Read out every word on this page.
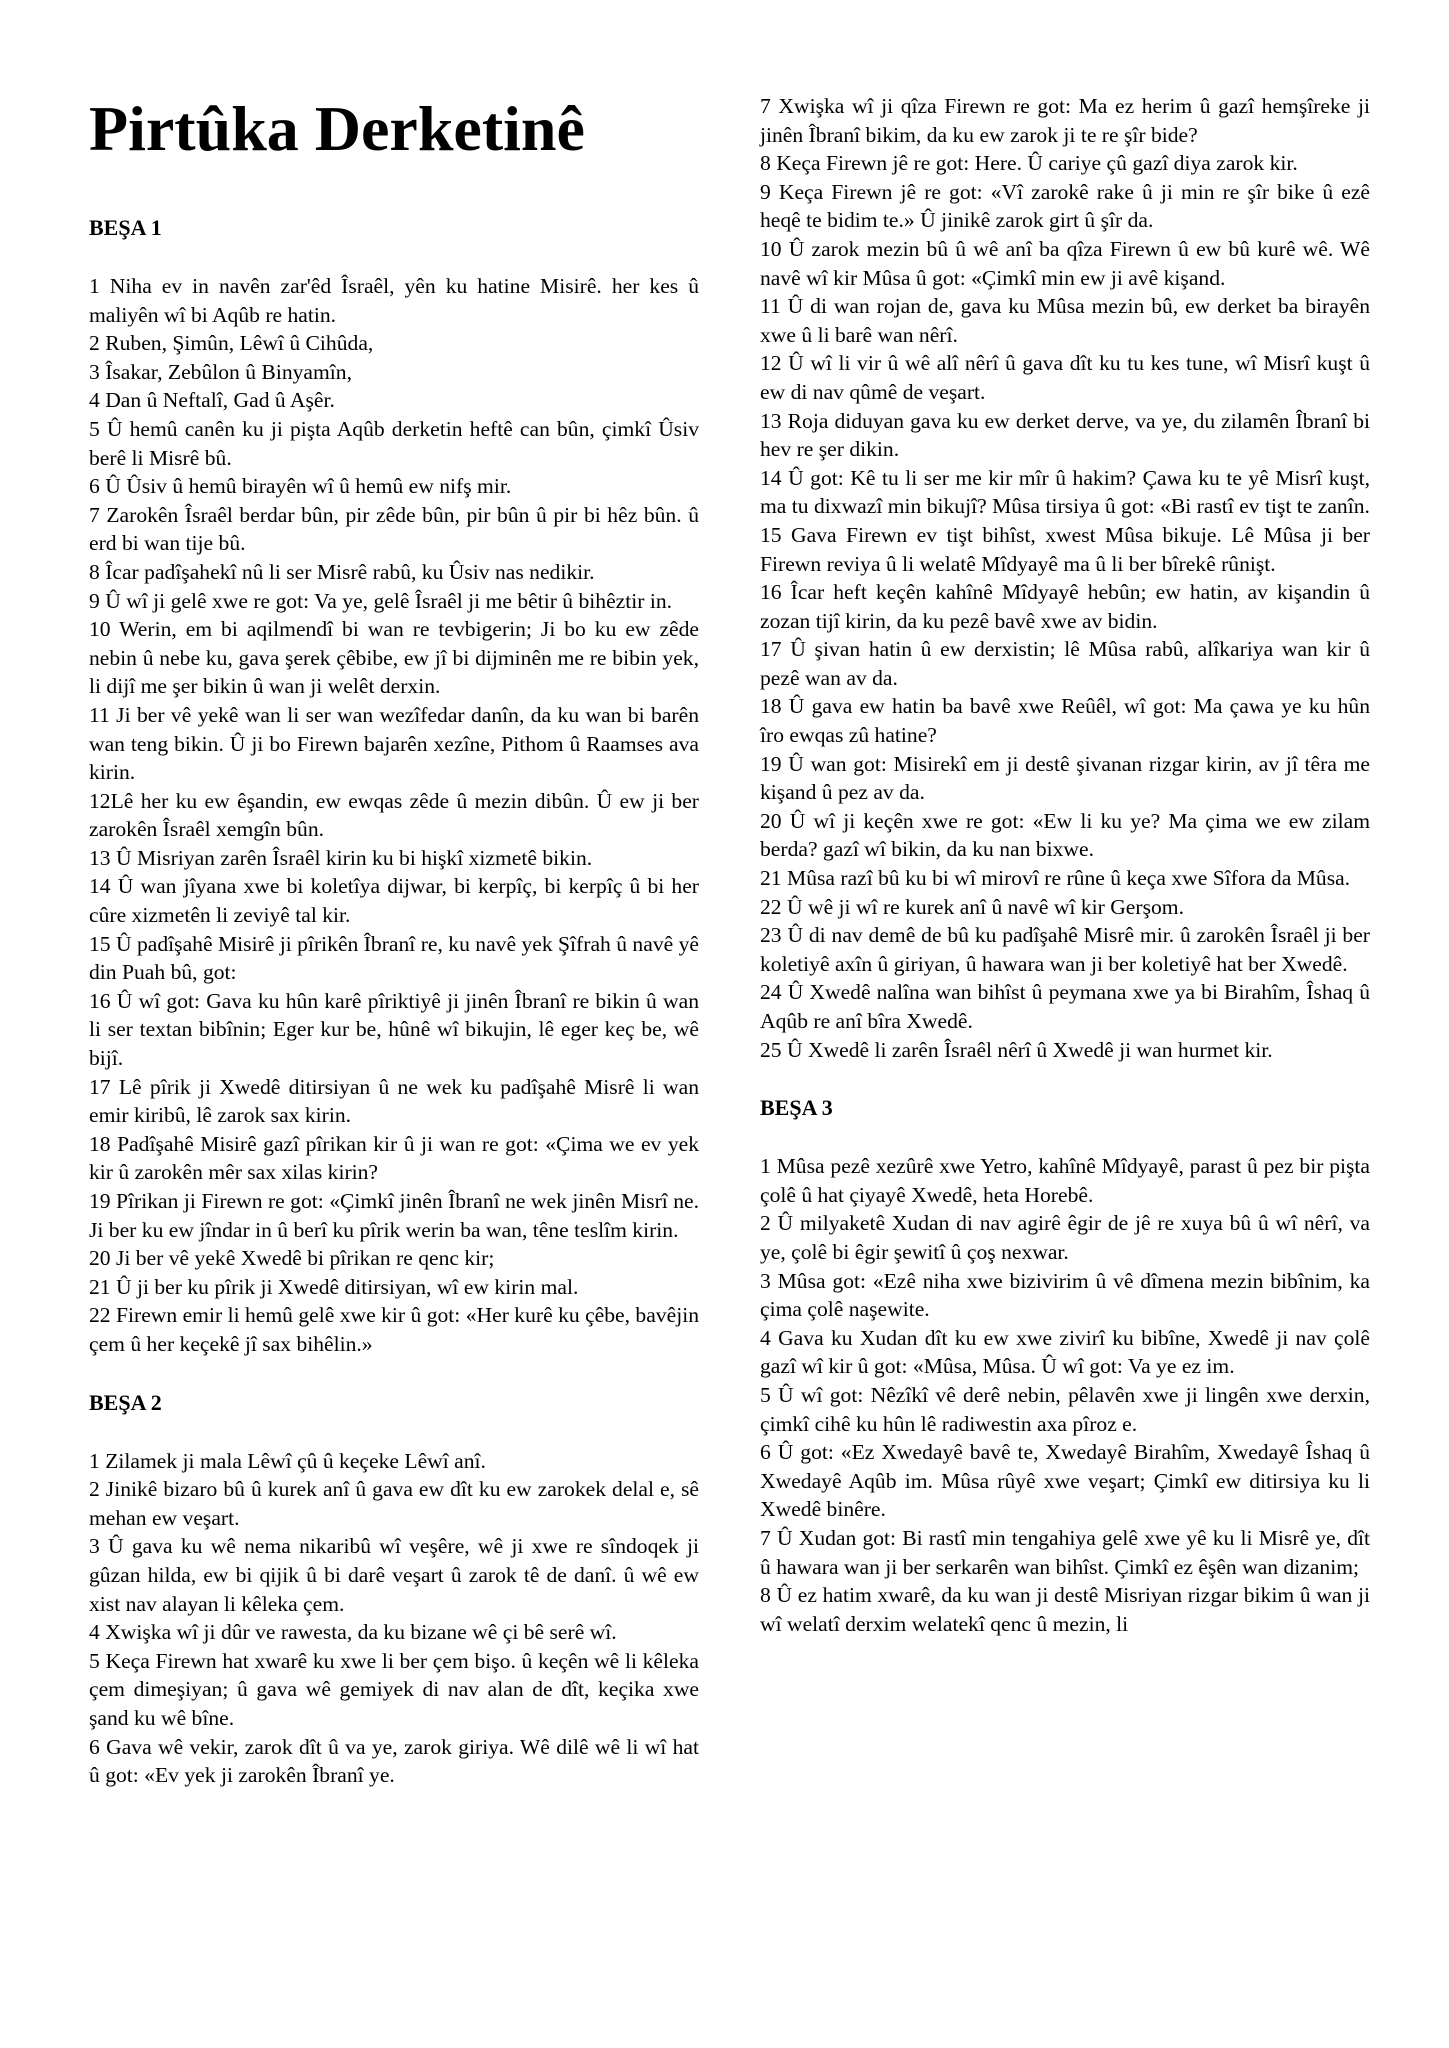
Pirtûka Derketinê
BEŞA 1

1 Niha ev in navên zar'êd Îsraêl, yên ku hatine Misirê. her kes û maliyên wî bi Aqûb re hatin.

2 Ruben, Şimûn, Lêwî û Cihûda,

3 Îsakar, Zebûlon û Binyamîn,

4 Dan û Neftalî, Gad û Aşêr.

5 Û hemû canên ku ji pişta Aqûb derketin heftê can bûn, çimkî Ûsiv berê li Misrê bû.

6 Û Ûsiv û hemû birayên wî û hemû ew nifş mir.

7 Zarokên Îsraêl berdar bûn, pir zêde bûn, pir bûn û pir bi hêz bûn. û erd bi wan tije bû.

8 Îcar padîşahekî nû li ser Misrê rabû, ku Ûsiv nas nedikir.

9 Û wî ji gelê xwe re got: Va ye, gelê Îsraêl ji me bêtir û bihêztir in.

10 Werin, em bi aqilmendî bi wan re tevbigerin; Ji bo ku ew zêde nebin û nebe ku, gava şerek çêbibe, ew jî bi dijminên me re bibin yek, li dijî me şer bikin û wan ji welêt derxin.

11 Ji ber vê yekê wan li ser wan wezîfedar danîn, da ku wan bi barên wan teng bikin. Û ji bo Firewn bajarên xezîne, Pithom û Raamses ava kirin.

12Lê her ku ew êşandin, ew ewqas zêde û mezin dibûn. Û ew ji ber zarokên Îsraêl xemgîn bûn.

13 Û Misriyan zarên Îsraêl kirin ku bi hişkî xizmetê bikin.

14 Û wan jîyana xwe bi koletîya dijwar, bi kerpîç, bi kerpîç û bi her cûre xizmetên li zeviyê tal kir.

15 Û padîşahê Misirê ji pîrikên Îbranî re, ku navê yek Şîfrah û navê yê din Puah bû, got:

16 Û wî got: Gava ku hûn karê pîriktiyê ji jinên Îbranî re bikin û wan li ser textan bibînin; Eger kur be, hûnê wî bikujin, lê eger keç be, wê bijî.

17 Lê pîrik ji Xwedê ditirsiyan û ne wek ku padîşahê Misrê li wan emir kiribû, lê zarok sax kirin.

18 Padîşahê Misirê gazî pîrikan kir û ji wan re got: «Çima we ev yek kir û zarokên mêr sax xilas kirin?

19 Pîrikan ji Firewn re got: «Çimkî jinên Îbranî ne wek jinên Misrî ne. Ji ber ku ew jîndar in û berî ku pîrik werin ba wan, têne teslîm kirin.

20 Ji ber vê yekê Xwedê bi pîrikan re qenc kir;

21 Û ji ber ku pîrik ji Xwedê ditirsiyan, wî ew kirin mal.

22 Firewn emir li hemû gelê xwe kir û got: «Her kurê ku çêbe, bavêjin çem û her keçekê jî sax bihêlin.»

BEŞA 2

1 Zilamek ji mala Lêwî çû û keçeke Lêwî anî.

2 Jinikê bizaro bû û kurek anî û gava ew dît ku ew zarokek delal e, sê mehan ew veşart.

3 Û gava ku wê nema nikaribû wî veşêre, wê ji xwe re sîndoqek ji gûzan hilda, ew bi qijik û bi darê veşart û zarok tê de danî. û wê ew xist nav alayan li kêleka çem.

4 Xwişka wî ji dûr ve rawesta, da ku bizane wê çi bê serê wî.

5 Keça Firewn hat xwarê ku xwe li ber çem bişo. û keçên wê li kêleka çem dimeşiyan; û gava wê gemiyek di nav alan de dît, keçika xwe şand ku wê bîne.

6 Gava wê vekir, zarok dît û va ye, zarok giriya. Wê dilê wê li wî hat û got: «Ev yek ji zarokên Îbranî ye.

7 Xwişka wî ji qîza Firewn re got: Ma ez herim û gazî hemşîreke ji jinên Îbranî bikim, da ku ew zarok ji te re şîr bide?

8 Keça Firewn jê re got: Here. Û cariye çû gazî diya zarok kir.

9 Keça Firewn jê re got: «Vî zarokê rake û ji min re şîr bike û ezê heqê te bidim te.» Û jinikê zarok girt û şîr da.

10 Û zarok mezin bû û wê anî ba qîza Firewn û ew bû kurê wê. Wê navê wî kir Mûsa û got: «Çimkî min ew ji avê kişand.

11 Û di wan rojan de, gava ku Mûsa mezin bû, ew derket ba birayên xwe û li barê wan nêrî.

12 Û wî li vir û wê alî nêrî û gava dît ku tu kes tune, wî Misrî kuşt û ew di nav qûmê de veşart.

13 Roja diduyan gava ku ew derket derve, va ye, du zilamên Îbranî bi hev re şer dikin.

14 Û got: Kê tu li ser me kir mîr û hakim? Çawa ku te yê Misrî kuşt, ma tu dixwazî min bikujî? Mûsa tirsiya û got: «Bi rastî ev tişt te zanîn.

15 Gava Firewn ev tişt bihîst, xwest Mûsa bikuje. Lê Mûsa ji ber Firewn reviya û li welatê Mîdyayê ma û li ber bîrekê rûnişt.

16 Îcar heft keçên kahînê Mîdyayê hebûn; ew hatin, av kişandin û zozan tijî kirin, da ku pezê bavê xwe av bidin.

17 Û şivan hatin û ew derxistin; lê Mûsa rabû, alîkariya wan kir û pezê wan av da.

18 Û gava ew hatin ba bavê xwe Reûêl, wî got: Ma çawa ye ku hûn îro ewqas zû hatine?

19 Û wan got: Misirekî em ji destê şivanan rizgar kirin, av jî têra me kişand û pez av da.

20 Û wî ji keçên xwe re got: «Ew li ku ye? Ma çima we ew zilam berda? gazî wî bikin, da ku nan bixwe.

21 Mûsa razî bû ku bi wî mirovî re rûne û keça xwe Sîfora da Mûsa.

22 Û wê ji wî re kurek anî û navê wî kir Gerşom.

23 Û di nav demê de bû ku padîşahê Misrê mir. û zarokên Îsraêl ji ber koletiyê axîn û giriyan, û hawara wan ji ber koletiyê hat ber Xwedê.

24 Û Xwedê nalîna wan bihîst û peymana xwe ya bi Birahîm, Îshaq û Aqûb re anî bîra Xwedê.

25 Û Xwedê li zarên Îsraêl nêrî û Xwedê ji wan hurmet kir.

BEŞA 3

1 Mûsa pezê xezûrê xwe Yetro, kahînê Mîdyayê, parast û pez bir pişta çolê û hat çiyayê Xwedê, heta Horebê.

2 Û milyaketê Xudan di nav agirê êgir de jê re xuya bû û wî nêrî, va ye, çolê bi êgir şewitî û çoş nexwar.

3 Mûsa got: «Ezê niha xwe bizivirim û vê dîmena mezin bibînim, ka çima çolê naşewite.

4 Gava ku Xudan dît ku ew xwe zivirî ku bibîne, Xwedê ji nav çolê gazî wî kir û got: «Mûsa, Mûsa. Û wî got: Va ye ez im.

5 Û wî got: Nêzîkî vê derê nebin, pêlavên xwe ji lingên xwe derxin, çimkî cihê ku hûn lê radiwestin axa pîroz e.

6 Û got: «Ez Xwedayê bavê te, Xwedayê Birahîm, Xwedayê Îshaq û Xwedayê Aqûb im. Mûsa rûyê xwe veşart; Çimkî ew ditirsiya ku li Xwedê binêre.

7 Û Xudan got: Bi rastî min tengahiya gelê xwe yê ku li Misrê ye, dît û hawara wan ji ber serkarên wan bihîst. Çimkî ez êşên wan dizanim;

8 Û ez hatim xwarê, da ku wan ji destê Misriyan rizgar bikim û wan ji wî welatî derxim welatekî qenc û mezin, li
